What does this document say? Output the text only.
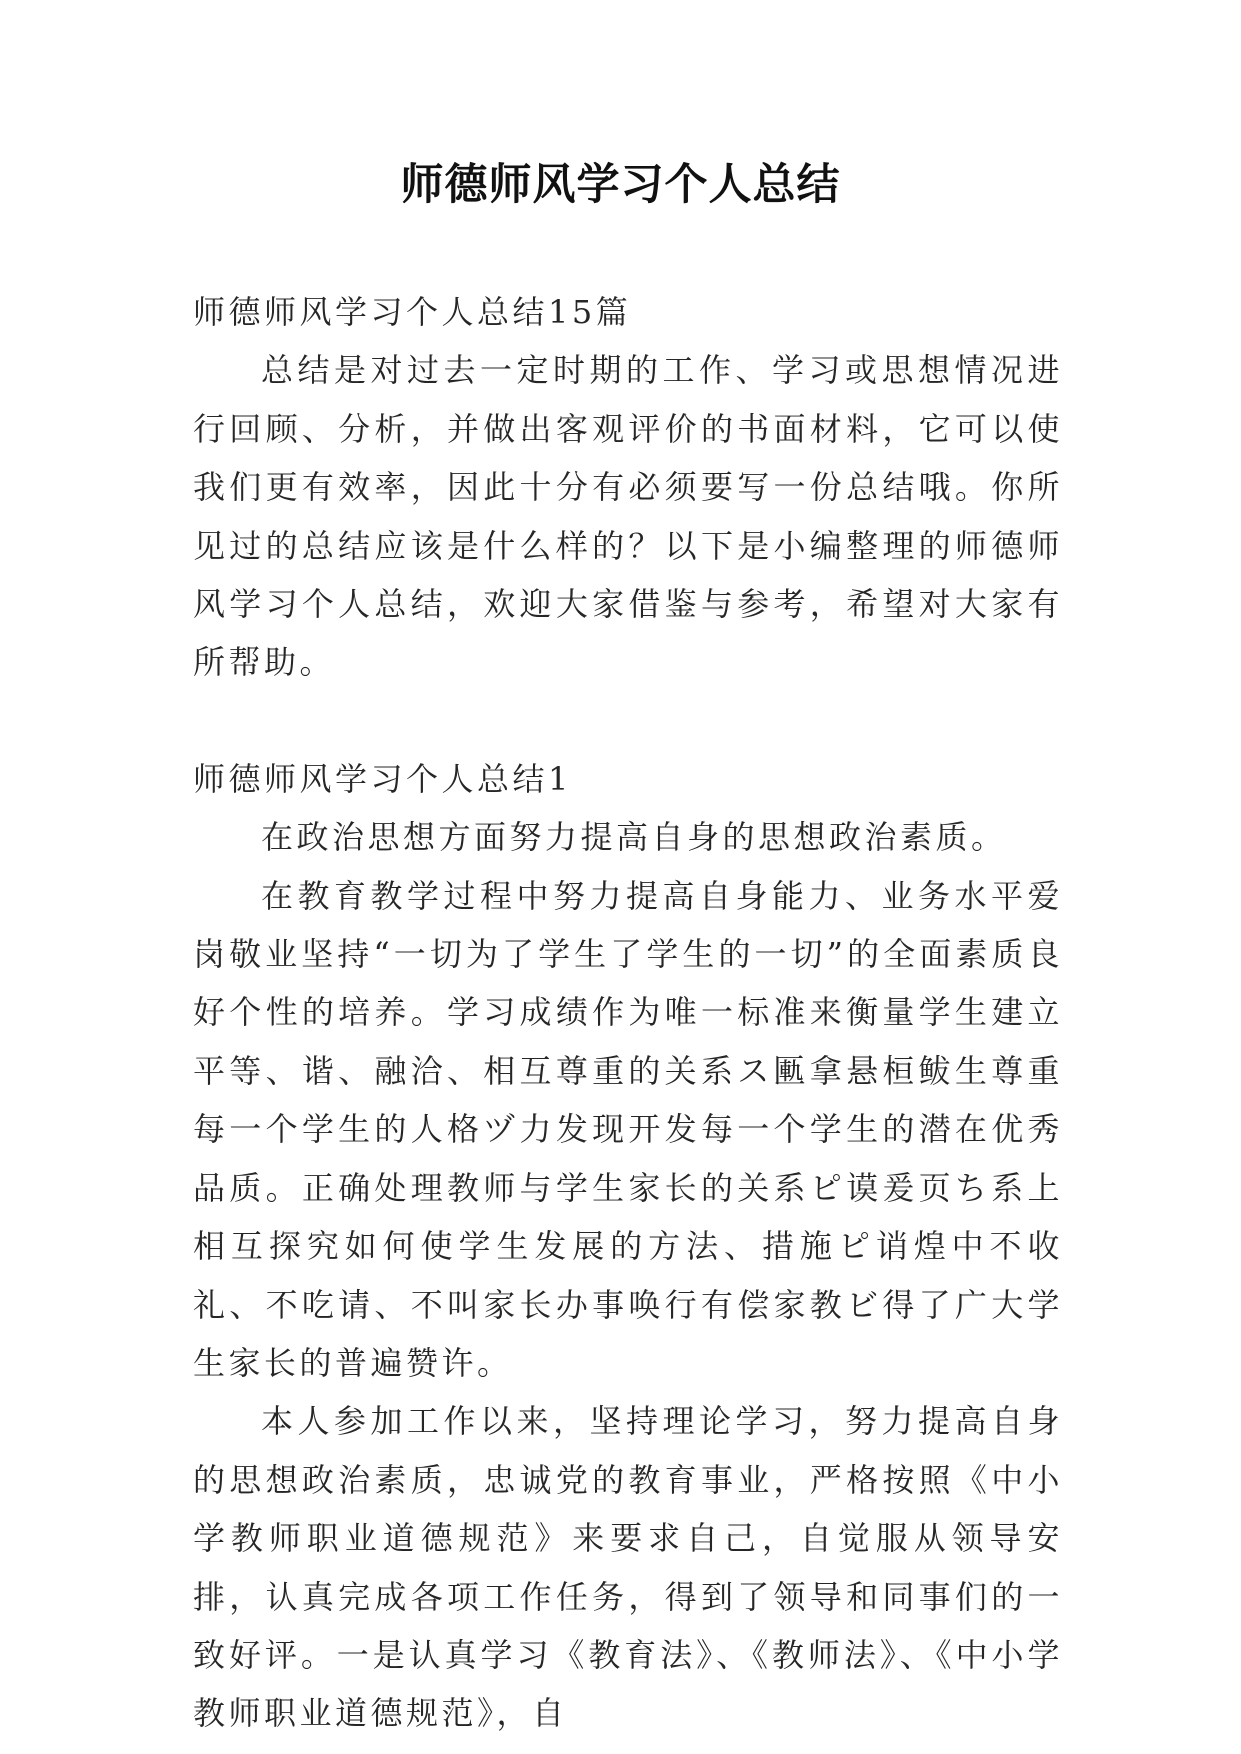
师德师风学习个人总结

师德师风学习个人总结15篇

总结是对过去一定时期的工作、学习或思想情况进行回顾、分析，并做出客观评价的书面材料，它可以使我们更有效率，因此十分有必须要写一份总结哦。你所见过的总结应该是什么样的？以下是小编整理的师德师风学习个人总结，欢迎大家借鉴与参考，希望对大家有所帮助。

师德师风学习个人总结1

在政治思想方面努力提高自身的思想政治素质。

在教育教学过程中努力提高自身能力、业务水平爱岗敬业坚持“一切为了学生了学生的一切”的全面素质良好个性的培养。学习成绩作为唯一标准来衡量学生建立平等、谐、融洽、相互尊重的关系ス匭拿悬桓鲅生尊重每一个学生的人格ヅ力发现开发每一个学生的潜在优秀品质。正确处理教师与学生家长的关系ピ谟爰页ち系上相互探究如何使学生发展的方法、措施ピ诮煌中不收礼、不吃请、不叫家长办事唤行有偿家教ビ得了广大学生家长的普遍赞许。

本人参加工作以来，坚持理论学习，努力提高自身的思想政治素质，忠诚党的教育事业，严格按照《中小学教师职业道德规范》来要求自己，自觉服从领导安排，认真完成各项工作任务，得到了领导和同事们的一致好评。一是认真学习《教育法》、《教师法》、《中小学教师职业道德规范》，自
